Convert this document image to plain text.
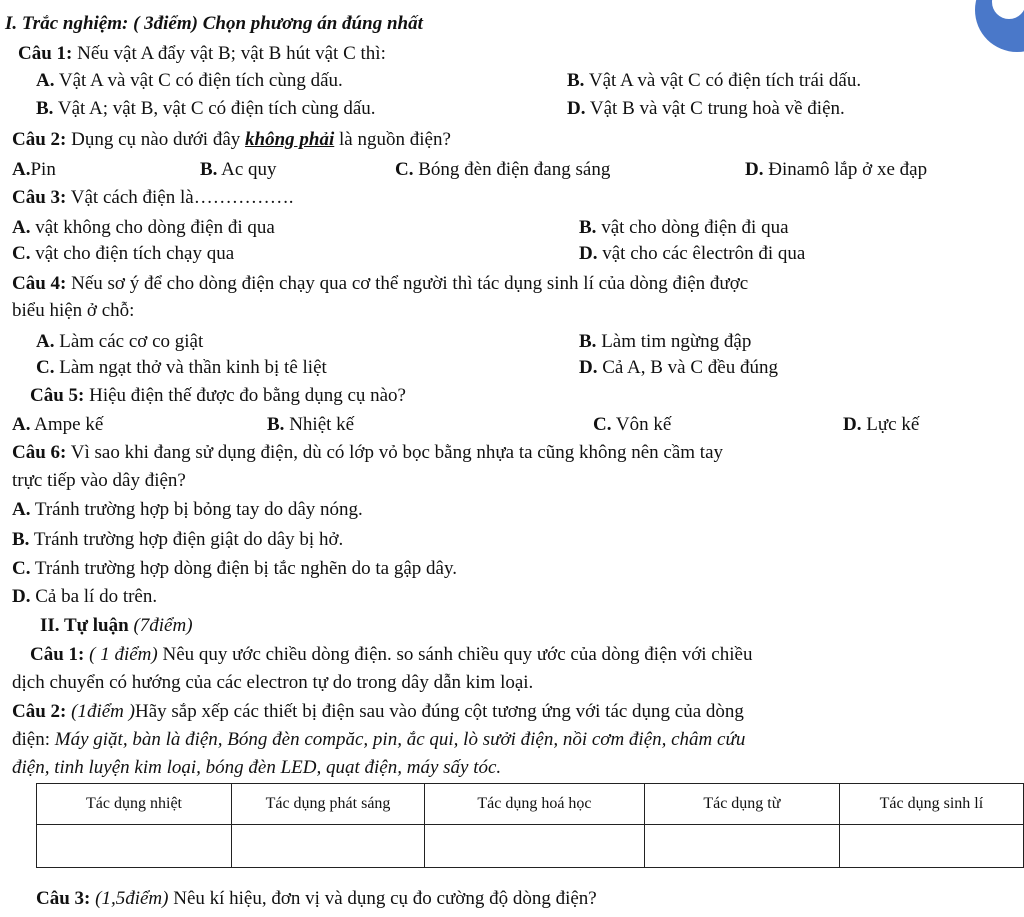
I. Trắc nghiệm: ( 3điểm) Chọn phương án đúng nhất
Câu 1: Nếu vật A đẩy vật B; vật B hút vật C thì:
A. Vật A và vật C có điện tích cùng dấu.	B. Vật A và vật C có điện tích trái dấu.
B. Vật A; vật B, vật C có điện tích cùng dấu.	D. Vật B và vật C trung hoà về điện.
Câu 2: Dụng cụ nào dưới đây không phải là nguồn điện?
A.Pin	B. Ac quy	C. Bóng đèn điện đang sáng	D. Đinamô lắp ở xe đạp
Câu 3: Vật cách điện là…………….
A. vật không cho dòng điện đi qua	B. vật cho dòng điện đi qua
C. vật cho điện tích chạy qua	D. vật cho các êlectrôn đi qua
Câu 4: Nếu sơ ý để cho dòng điện chạy qua cơ thể người thì tác dụng sinh lí của dòng điện được
biểu hiện ở chỗ:
A. Làm các cơ co giật	B. Làm tim ngừng đập
C. Làm ngạt thở và thần kinh bị tê liệt	D. Cả A, B và C đều đúng
Câu 5: Hiệu điện thế được đo bằng dụng cụ nào?
A. Ampe kế	B. Nhiệt kế	C. Vôn kế	D. Lực kế
Câu 6: Vì sao khi đang sử dụng điện, dù có lớp vỏ bọc bằng nhựa ta cũng không nên cầm tay
trực tiếp vào dây điện?
A. Tránh trường hợp bị bỏng tay do dây nóng.
B. Tránh trường hợp điện giật do dây bị hở.
C. Tránh trường hợp dòng điện bị tắc nghẽn do ta gập dây.
D. Cả ba lí do trên.
II. Tự luận (7điểm)
Câu 1: ( 1 điểm) Nêu quy ước chiều dòng điện. so sánh chiều quy ước của dòng điện với chiều
dịch chuyển có hướng của các electron tự do trong dây dẫn kim loại.
Câu 2: (1điểm )Hãy sắp xếp các thiết bị điện sau vào đúng cột tương ứng với tác dụng của dòng
điện: Máy giặt, bàn là điện, Bóng đèn compăc, pin, ắc qui, lò sưởi điện, nồi cơm điện, châm cứu
điện, tinh luyện kim loại, bóng đèn LED, quạt điện, máy sấy tóc.
Tác dụng nhiệt	Tác dụng phát sáng	Tác dụng hoá học	Tác dụng từ	Tác dụng sinh lí

Câu 3: (1,5điểm) Nêu kí hiệu, đơn vị và dụng cụ đo cường độ dòng điện?
